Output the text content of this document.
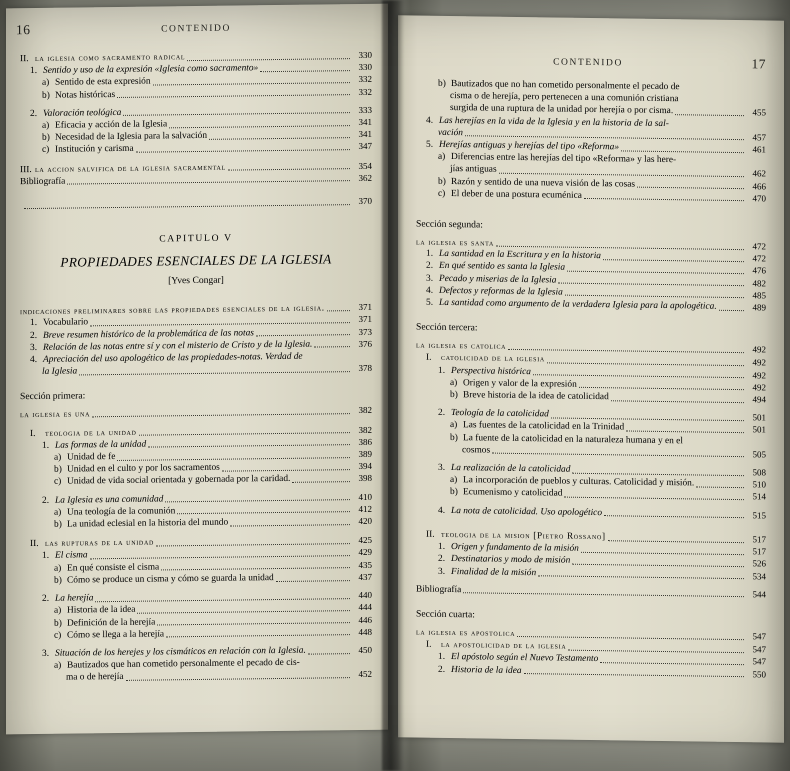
16	CONTENIDO
II. la iglesia como sacramento radical	330
1. Sentido y uso de la expresión «Iglesia como sacramento»	330
a) Sentido de esta expresión	332
b) Notas históricas	332
2. Valoración teológica	333
a) Eficacia y acción de la Iglesia	341
b) Necesidad de la Iglesia para la salvación	341
c) Institución y carisma	347
III. la accion salvifica de la iglesia sacramental	354
Bibliografía	362

370
CAPITULO V
PROPIEDADES ESENCIALES DE LA IGLESIA
[Yves Congar]
indicaciones preliminares sobre las propiedades esenciales de la iglesia.	371
1. Vocabulario	371
2. Breve resumen histórico de la problemática de las notas	373
3. Relación de las notas entre sí y con el misterio de Cristo y de la Iglesia.	376
4. Apreciación del uso apologético de las propiedades-notas. Verdad de
la Iglesia	378
Sección primera:
la iglesia es una	382
I. teologia de la unidad	382
1. Las formas de la unidad	386
a) Unidad de fe	389
b) Unidad en el culto y por los sacramentos	394
c) Unidad de vida social orientada y gobernada por la caridad.	398
2. La Iglesia es una comunidad	410
a) Una teología de la comunión	412
b) La unidad eclesial en la historia del mundo	420
II. las rupturas de la unidad	425
1. El cisma	429
a) En qué consiste el cisma	435
b) Cómo se produce un cisma y cómo se guarda la unidad	437
2. La herejía	440
a) Historia de la idea	444
b) Definición de la herejía	446
c) Cómo se llega a la herejía	448
3. Situación de los herejes y los cismáticos en relación con la Iglesia.	450
a) Bautizados que han cometido personalmente el pecado de cis-
ma o de herejía	452
CONTENIDO	17
b) Bautizados que no han cometido personalmente el pecado de
cisma o de herejía, pero pertenecen a una comunión cristiana
surgida de una ruptura de la unidad por herejía o por cisma.	455
4. Las herejías en la vida de la Iglesia y en la historia de la sal-
vación	457
5. Herejías antiguas y herejías del tipo «Reforma»	461
a) Diferencias entre las herejías del tipo «Reforma» y las here-
jías antiguas	462
b) Razón y sentido de una nueva visión de las cosas	466
c) El deber de una postura ecuménica	470
Sección segunda:
la iglesia es santa	472
1. La santidad en la Escritura y en la historia	472
2. En qué sentido es santa la Iglesia	476
3. Pecado y miserias de la Iglesia	482
4. Defectos y reformas de la Iglesia	485
5. La santidad como argumento de la verdadera Iglesia para la apologética.	489
Sección tercera:
la iglesia es catolica	492
I. catolicidad de la iglesia	492
1. Perspectiva histórica	492
a) Origen y valor de la expresión	492
b) Breve historia de la idea de catolicidad	494
2. Teología de la catolicidad	501
a) Las fuentes de la catolicidad en la Trinidad	501
b) La fuente de la catolicidad en la naturaleza humana y en el
cosmos	505
3. La realización de la catolicidad	508
a) La incorporación de pueblos y culturas. Catolicidad y misión.	510
b) Ecumenismo y catolicidad	514
4. La nota de catolicidad. Uso apologético	515
II. teologia de la mision [Pietro Rossano]	517
1. Origen y fundamento de la misión	517
2. Destinatarios y modo de misión	526
3. Finalidad de la misión	534
Bibliografía	544
Sección cuarta:
la iglesia es apostolica	547
I. la apostolicidad de la iglesia	547
1. El apóstolo según el Nuevo Testamento	547
2. Historia de la idea	550
